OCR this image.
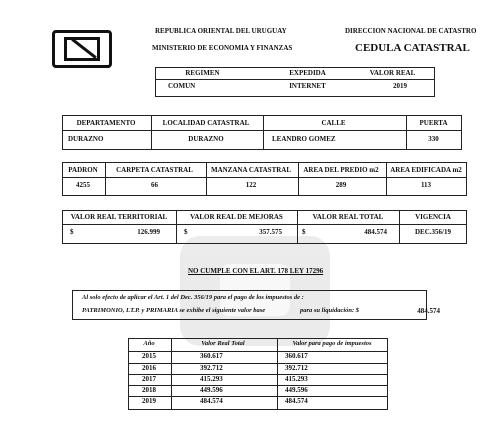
REPUBLICA ORIENTAL DEL URUGUAY
MINISTERIO DE ECONOMIA Y FINANZAS
DIRECCION NACIONAL DE CATASTRO
CEDULA CATASTRAL
REGIMEN	EXPEDIDA	VALOR REAL
COMUN	INTERNET	2019
DEPARTAMENTO	LOCALIDAD CATASTRAL	CALLE	PUERTA
DURAZNO	DURAZNO	LEANDRO GOMEZ	330
PADRON	CARPETA CATASTRAL	MANZANA CATASTRAL	AREA DEL PREDIO m2	AREA EDIFICADA m2
4255	66	122	289	113
VALOR REAL TERRITORIAL	VALOR REAL DE MEJORAS	VALOR REAL TOTAL	VIGENCIA
$	126.999	$	357.575	$	484.574	DEC.356/19
NO CUMPLE CON EL ART. 178 LEY 17296
Al solo efecto de aplicar el Art. 1 del Dec. 356/19 para el pago de los impuestos de :
PATRIMONIO, I.T.P. y PRIMARIA se exhibe el siguiente valor base	para su liquidación: $	484.574
Año	Valor Real Total	Valor para pago de impuestos
2015	360.617	360.617
2016	392.712	392.712
2017	415.293	415.293
2018	449.596	449.596
2019	484.574	484.574
